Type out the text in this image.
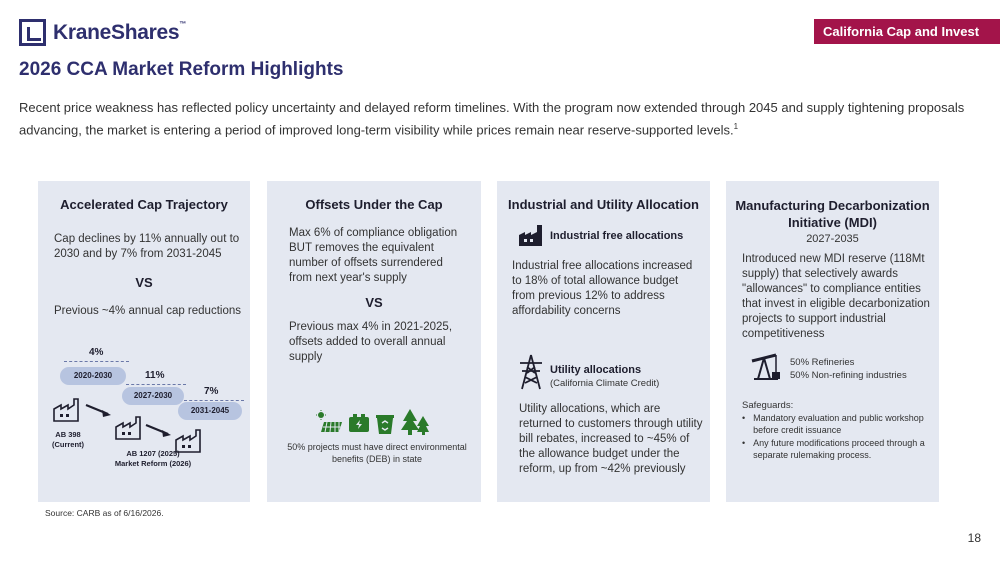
KraneShares™	California Cap and Invest
2026 CCA Market Reform Highlights
Recent price weakness has reflected policy uncertainty and delayed reform timelines. With the program now extended through 2045 and supply tightening proposals advancing, the market is entering a period of improved long-term visibility while prices remain near reserve-supported levels.$^1$
Accelerated Cap Trajectory
Cap declines by 11% annually out to 2030 and by 7% from 2031-2045
VS
Previous ~4% annual cap reductions
4%
2020-2030	11%
2027-2030	7%
2031-2045
AB 398
(Current)
AB 1207 (2025)
Market Reform (2026)
Offsets Under the Cap
Max 6% of compliance obligation BUT removes the equivalent number of offsets surrendered from next year's supply
VS
Previous max 4% in 2021-2025, offsets added to overall annual supply
50% projects must have direct environmental benefits (DEB) in state
Industrial and Utility Allocation
Industrial free allocations
Industrial free allocations increased to 18% of total allowance budget from previous 12% to address affordability concerns
Utility allocations
(California Climate Credit)
Utility allocations, which are returned to customers through utility bill rebates, increased to ~45% of the allowance budget under the reform, up from ~42% previously
Manufacturing Decarbonization Initiative (MDI)
2027-2035
Introduced new MDI reserve (118Mt supply) that selectively awards "allowances" to compliance entities that invest in eligible decarbonization projects to support industrial competitiveness
50% Refineries
50% Non-refining industries
Safeguards:
• Mandatory evaluation and public workshop before credit issuance
• Any future modifications proceed through a separate rulemaking process.
Source: CARB as of 6/16/2026.
18
